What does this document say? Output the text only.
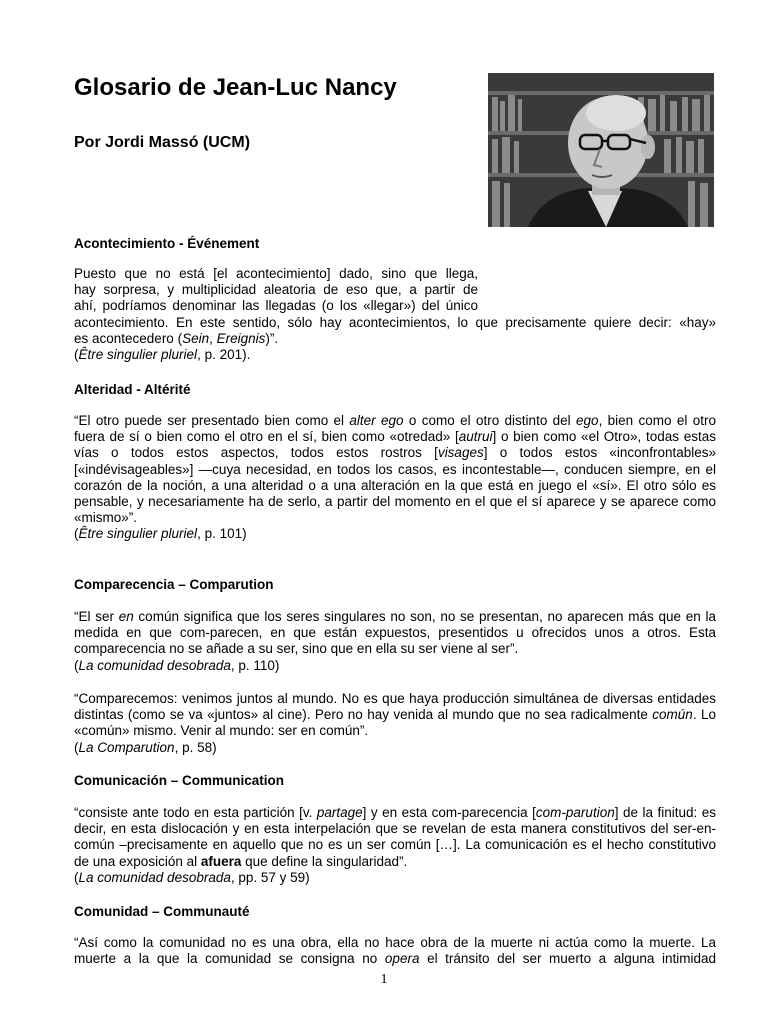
Glosario de Jean-Luc Nancy
Por Jordi Massó (UCM)

Acontecimiento - Événement

Puesto que no está [el acontecimiento] dado, sino que llega,

hay sorpresa, y multiplicidad aleatoria de eso que, a partir de

ahí, podríamos denominar las llegadas (o los «llegar») del único

acontecimiento. En este sentido, sólo hay acontecimientos, lo que precisamente quiere decir: «hay»

es acontecedero (Sein, Ereignis)”.

(Être singulier pluriel, p. 201).

Alteridad - Altérité

“El otro puede ser presentado bien como el alter ego o como el otro distinto del ego, bien como el otro fuera de sí o bien como el otro en el sí, bien como «otredad» [autrui] o bien como «el Otro», todas estas vías o todos estos aspectos, todos estos rostros [visages] o todos estos «inconfrontables» [«indévisageables»] —cuya necesidad, en todos los casos, es incontestable—, conducen siempre, en el corazón de la noción, a una alteridad o a una alteración en la que está en juego el «sí». El otro sólo es pensable, y necesariamente ha de serlo, a partir del momento en el que el sí aparece y se aparece como «mismo»”.

(Être singulier pluriel, p. 101)

Comparecencia – Comparution

“El ser en común significa que los seres singulares no son, no se presentan, no aparecen más que en la medida en que com-parecen, en que están expuestos, presentidos u ofrecidos unos a otros. Esta comparecencia no se añade a su ser, sino que en ella su ser viene al ser”.

(La comunidad desobrada, p. 110)

“Comparecemos: venimos juntos al mundo. No es que haya producción simultánea de diversas entidades distintas (como se va «juntos» al cine). Pero no hay venida al mundo que no sea radicalmente común. Lo «común» mismo. Venir al mundo: ser en común”.

(La Comparution, p. 58)

Comunicación – Communication

“consiste ante todo en esta partición [v. partage] y en esta com-parecencia [com-parution] de la finitud: es decir, en esta dislocación y en esta interpelación que se revelan de esta manera constitutivos del ser-en-común –precisamente en aquello que no es un ser común […]. La comunicación es el hecho constitutivo de una exposición al afuera que define la singularidad”.

(La comunidad desobrada, pp. 57 y 59)

Comunidad – Communauté

“Así como la comunidad no es una obra, ella no hace obra de la muerte ni actúa como la muerte. La muerte a la que la comunidad se consigna no opera el tránsito del ser muerto a alguna intimidad

1
